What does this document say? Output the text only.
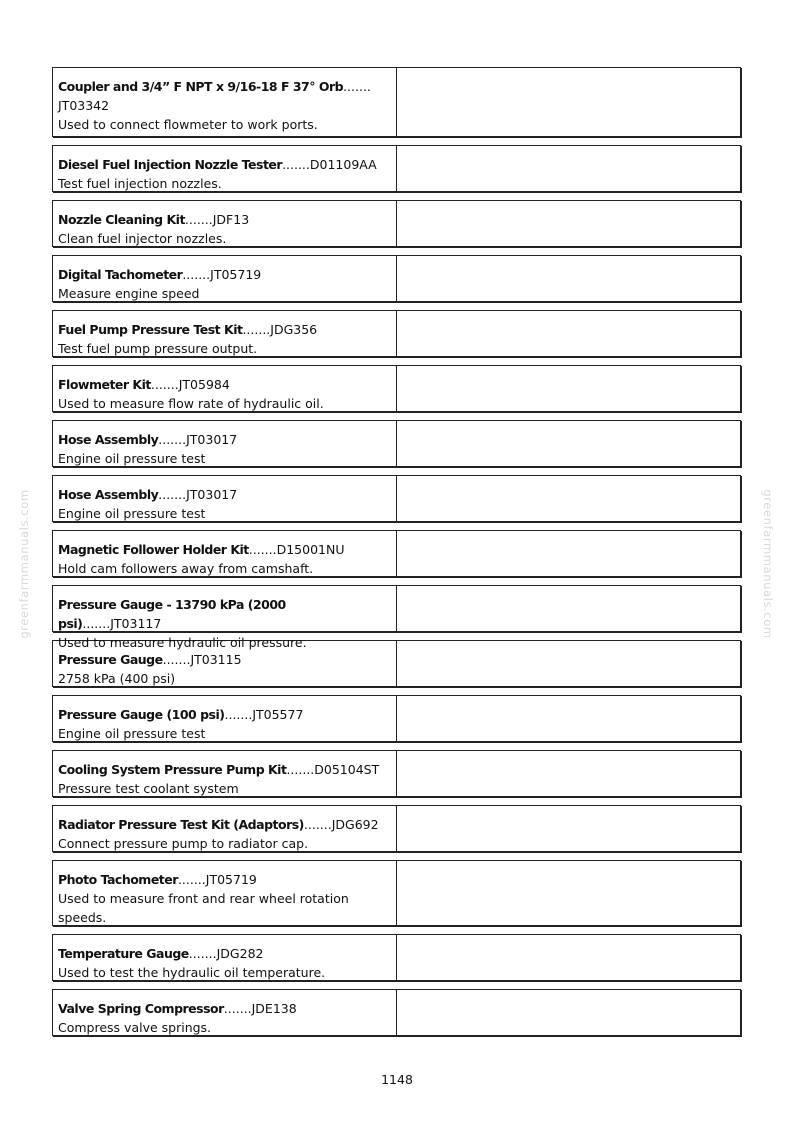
greenfarmmanuals.com	greenfarmmanuals.com
Coupler and 3/4” F NPT x 9/16-18 F 37° Orb.......
JT03342
Used to connect flowmeter to work ports.
Diesel Fuel Injection Nozzle Tester.......D01109AA
Test fuel injection nozzles.
Nozzle Cleaning Kit.......JDF13
Clean fuel injector nozzles.
Digital Tachometer.......JT05719
Measure engine speed
Fuel Pump Pressure Test Kit.......JDG356
Test fuel pump pressure output.
Flowmeter Kit.......JT05984
Used to measure flow rate of hydraulic oil.
Hose Assembly.......JT03017
Engine oil pressure test
Hose Assembly.......JT03017
Engine oil pressure test
Magnetic Follower Holder Kit.......D15001NU
Hold cam followers away from camshaft.
Pressure Gauge - 13790 kPa (2000 psi).......JT03117
Used to measure hydraulic oil pressure.
Pressure Gauge.......JT03115
2758 kPa (400 psi)
Pressure Gauge (100 psi).......JT05577
Engine oil pressure test
Cooling System Pressure Pump Kit.......D05104ST
Pressure test coolant system
Radiator Pressure Test Kit (Adaptors).......JDG692
Connect pressure pump to radiator cap.
Photo Tachometer.......JT05719
Used to measure front and rear wheel rotation speeds.
Temperature Gauge.......JDG282
Used to test the hydraulic oil temperature.
Valve Spring Compressor.......JDE138
Compress valve springs.
1148
